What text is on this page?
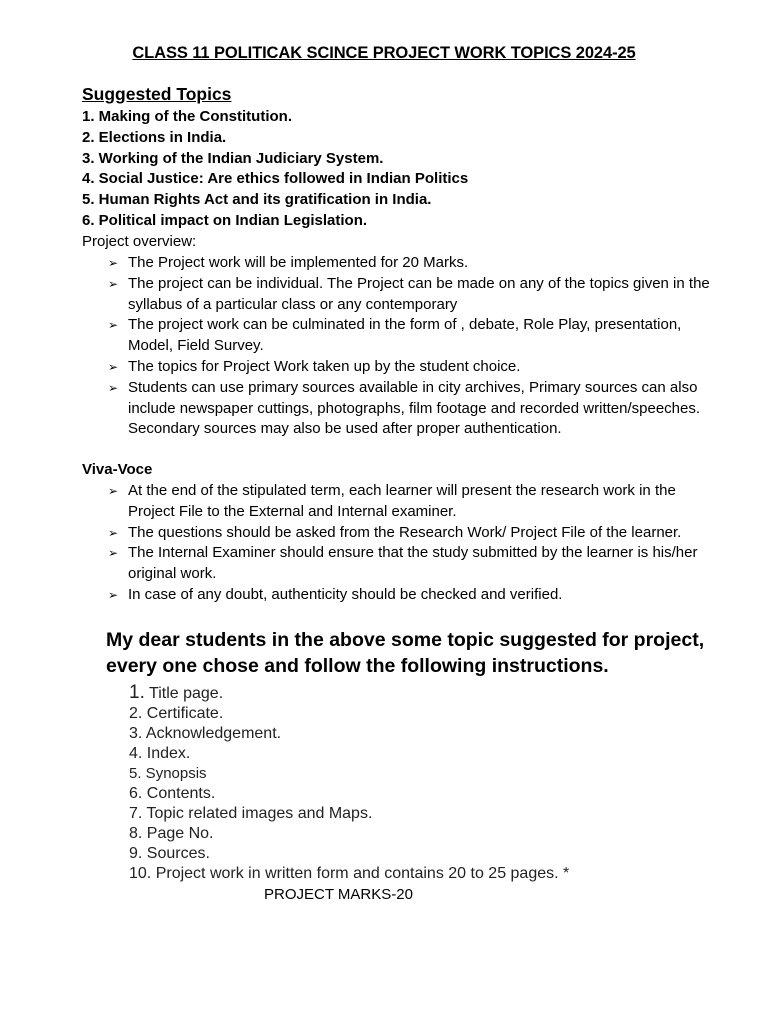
CLASS 11 POLITICAK SCINCE PROJECT WORK TOPICS 2024-25
Suggested Topics
1. Making of the Constitution.
2. Elections in India.
3. Working of the Indian Judiciary System.
4. Social Justice: Are ethics followed in Indian Politics
5. Human Rights Act and its gratification in India.
6. Political impact on Indian Legislation.
Project overview:
➢ The Project work will be implemented for 20 Marks.
➢ The project can be individual. The Project can be made on any of the topics given in the syllabus of a particular class or any contemporary
➢ The project work can be culminated in the form of , debate, Role Play, presentation, Model, Field Survey.
➢ The topics for Project Work taken up by the student choice.
➢ Students can use primary sources available in city archives, Primary sources can also include newspaper cuttings, photographs, film footage and recorded written/speeches. Secondary sources may also be used after proper authentication.
Viva-Voce
➢ At the end of the stipulated term, each learner will present the research work in the Project File to the External and Internal examiner.
➢ The questions should be asked from the Research Work/ Project File of the learner.
➢ The Internal Examiner should ensure that the study submitted by the learner is his/her original work.
➢ In case of any doubt, authenticity should be checked and verified.
My dear students in the above some topic suggested for project, every one chose and follow the following instructions.
1. Title page.
2. Certificate.
3. Acknowledgement.
4. Index.
5. Synopsis
6. Contents.
7. Topic related images and Maps.
8. Page No.
9. Sources.
10. Project work in written form and contains 20 to 25 pages. *
PROJECT MARKS-20
